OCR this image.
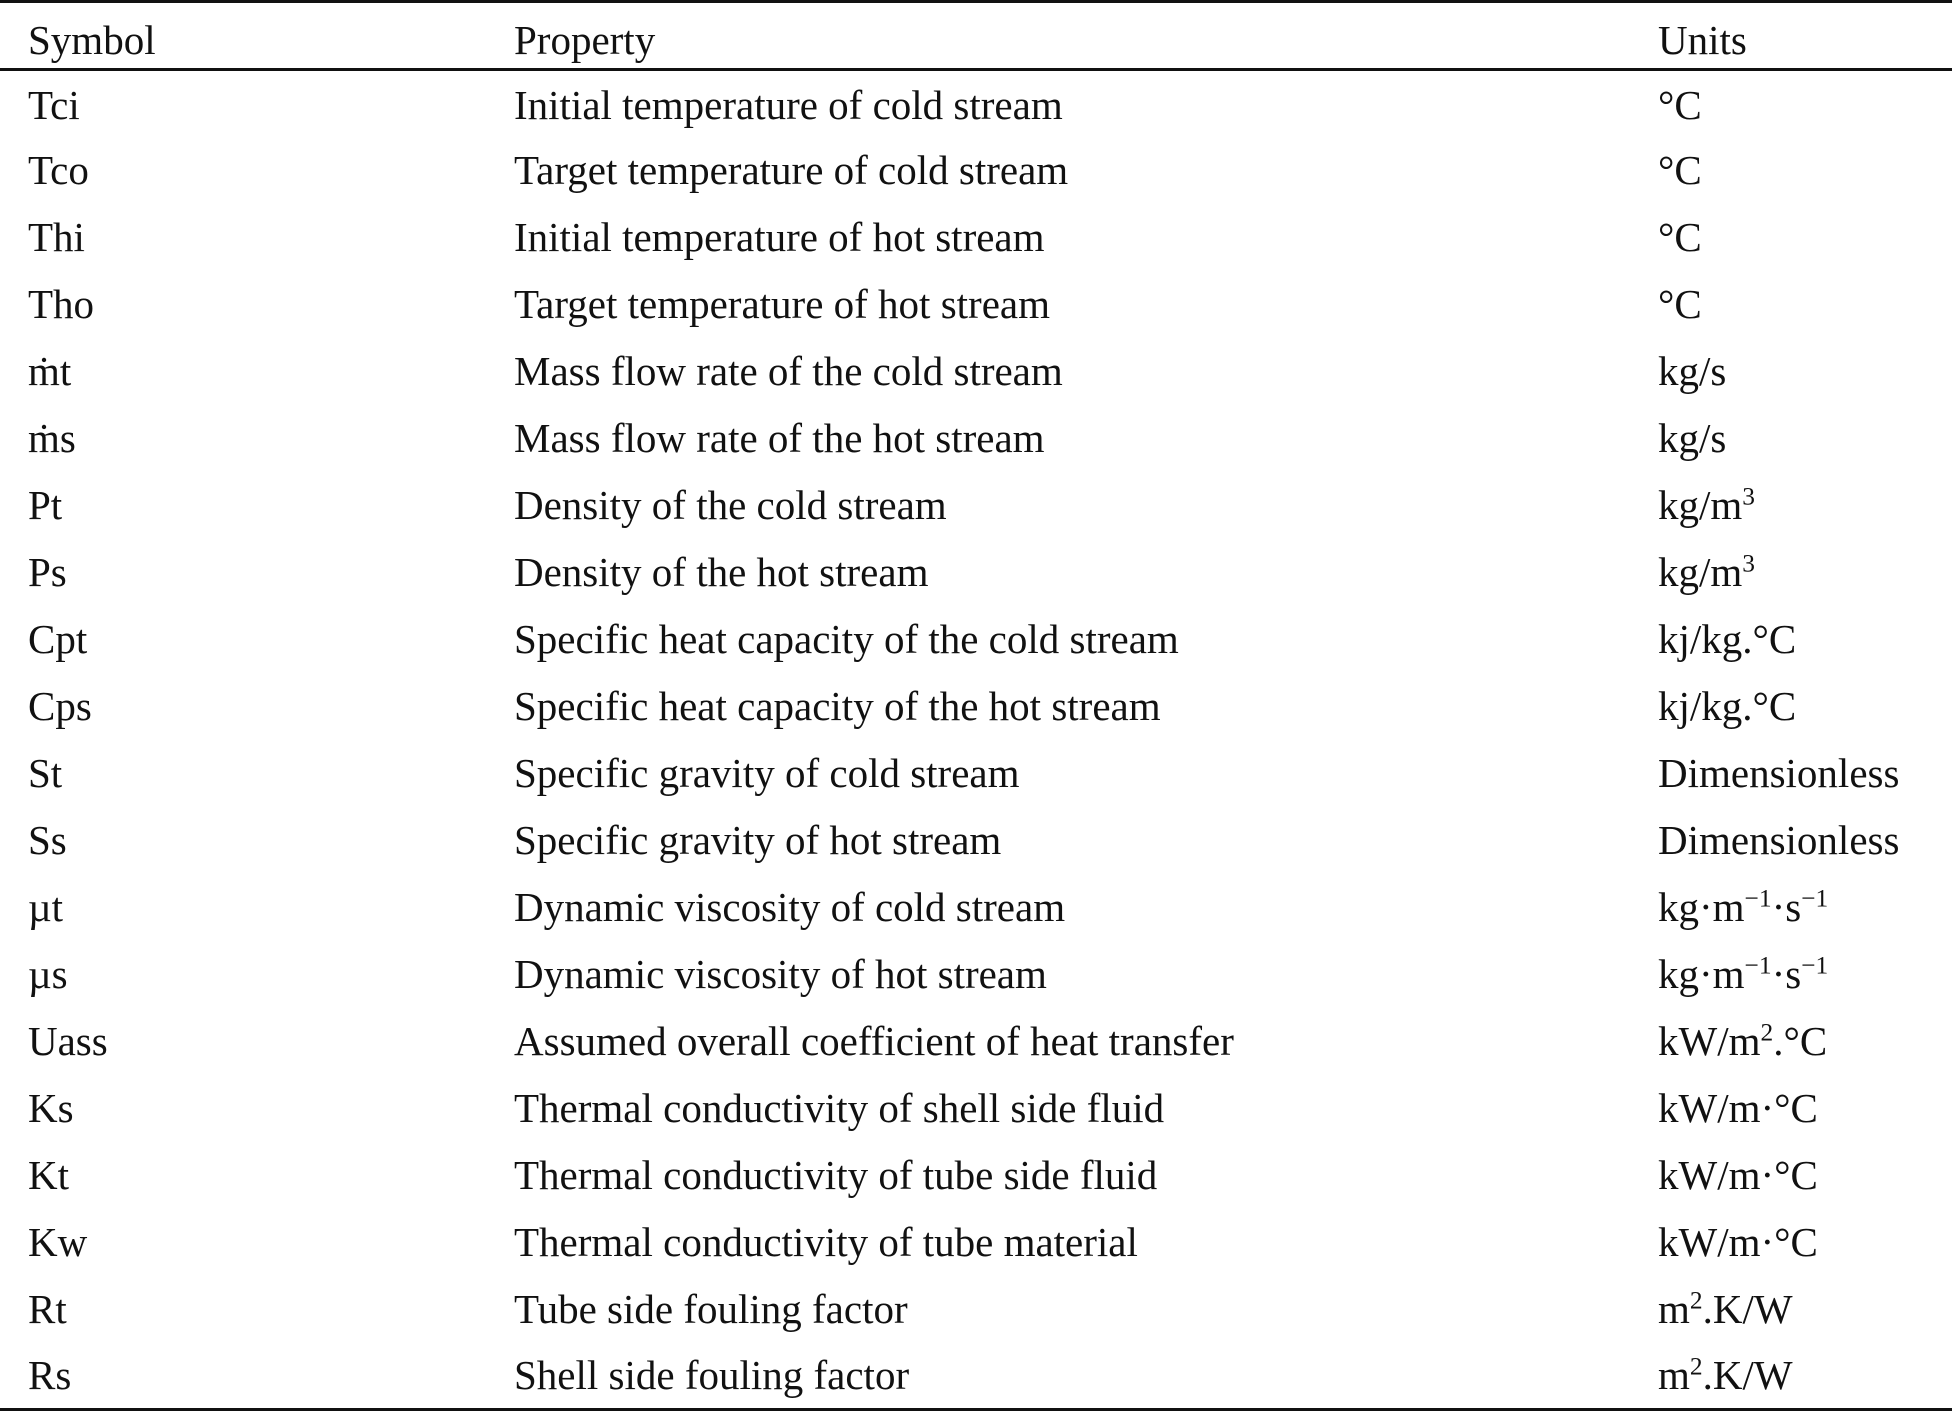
Symbol	Property	Units
Tci	Initial temperature of cold stream	°C
Tco	Target temperature of cold stream	°C
Thi	Initial temperature of hot stream	°C
Tho	Target temperature of hot stream	°C
ṁt	Mass flow rate of the cold stream	kg/s
ṁs	Mass flow rate of the hot stream	kg/s
Pt	Density of the cold stream	$kg/m^3$
Ps	Density of the hot stream	$kg/m^3$
Cpt	Specific heat capacity of the cold stream	kj/kg.°C
Cps	Specific heat capacity of the hot stream	kj/kg.°C
St	Specific gravity of cold stream	Dimensionless
Ss	Specific gravity of hot stream	Dimensionless
µt	Dynamic viscosity of cold stream	$kg\cdot m^{-1}\cdot s^{-1}$
µs	Dynamic viscosity of hot stream	$kg\cdot m^{-1}\cdot s^{-1}$
Uass	Assumed overall coefficient of heat transfer	$kW/m^2.^\circ C$
Ks	Thermal conductivity of shell side fluid	kW/m·°C
Kt	Thermal conductivity of tube side fluid	kW/m·°C
Kw	Thermal conductivity of tube material	kW/m·°C
Rt	Tube side fouling factor	$m^2.K/W$
Rs	Shell side fouling factor	$m^2.K/W$
